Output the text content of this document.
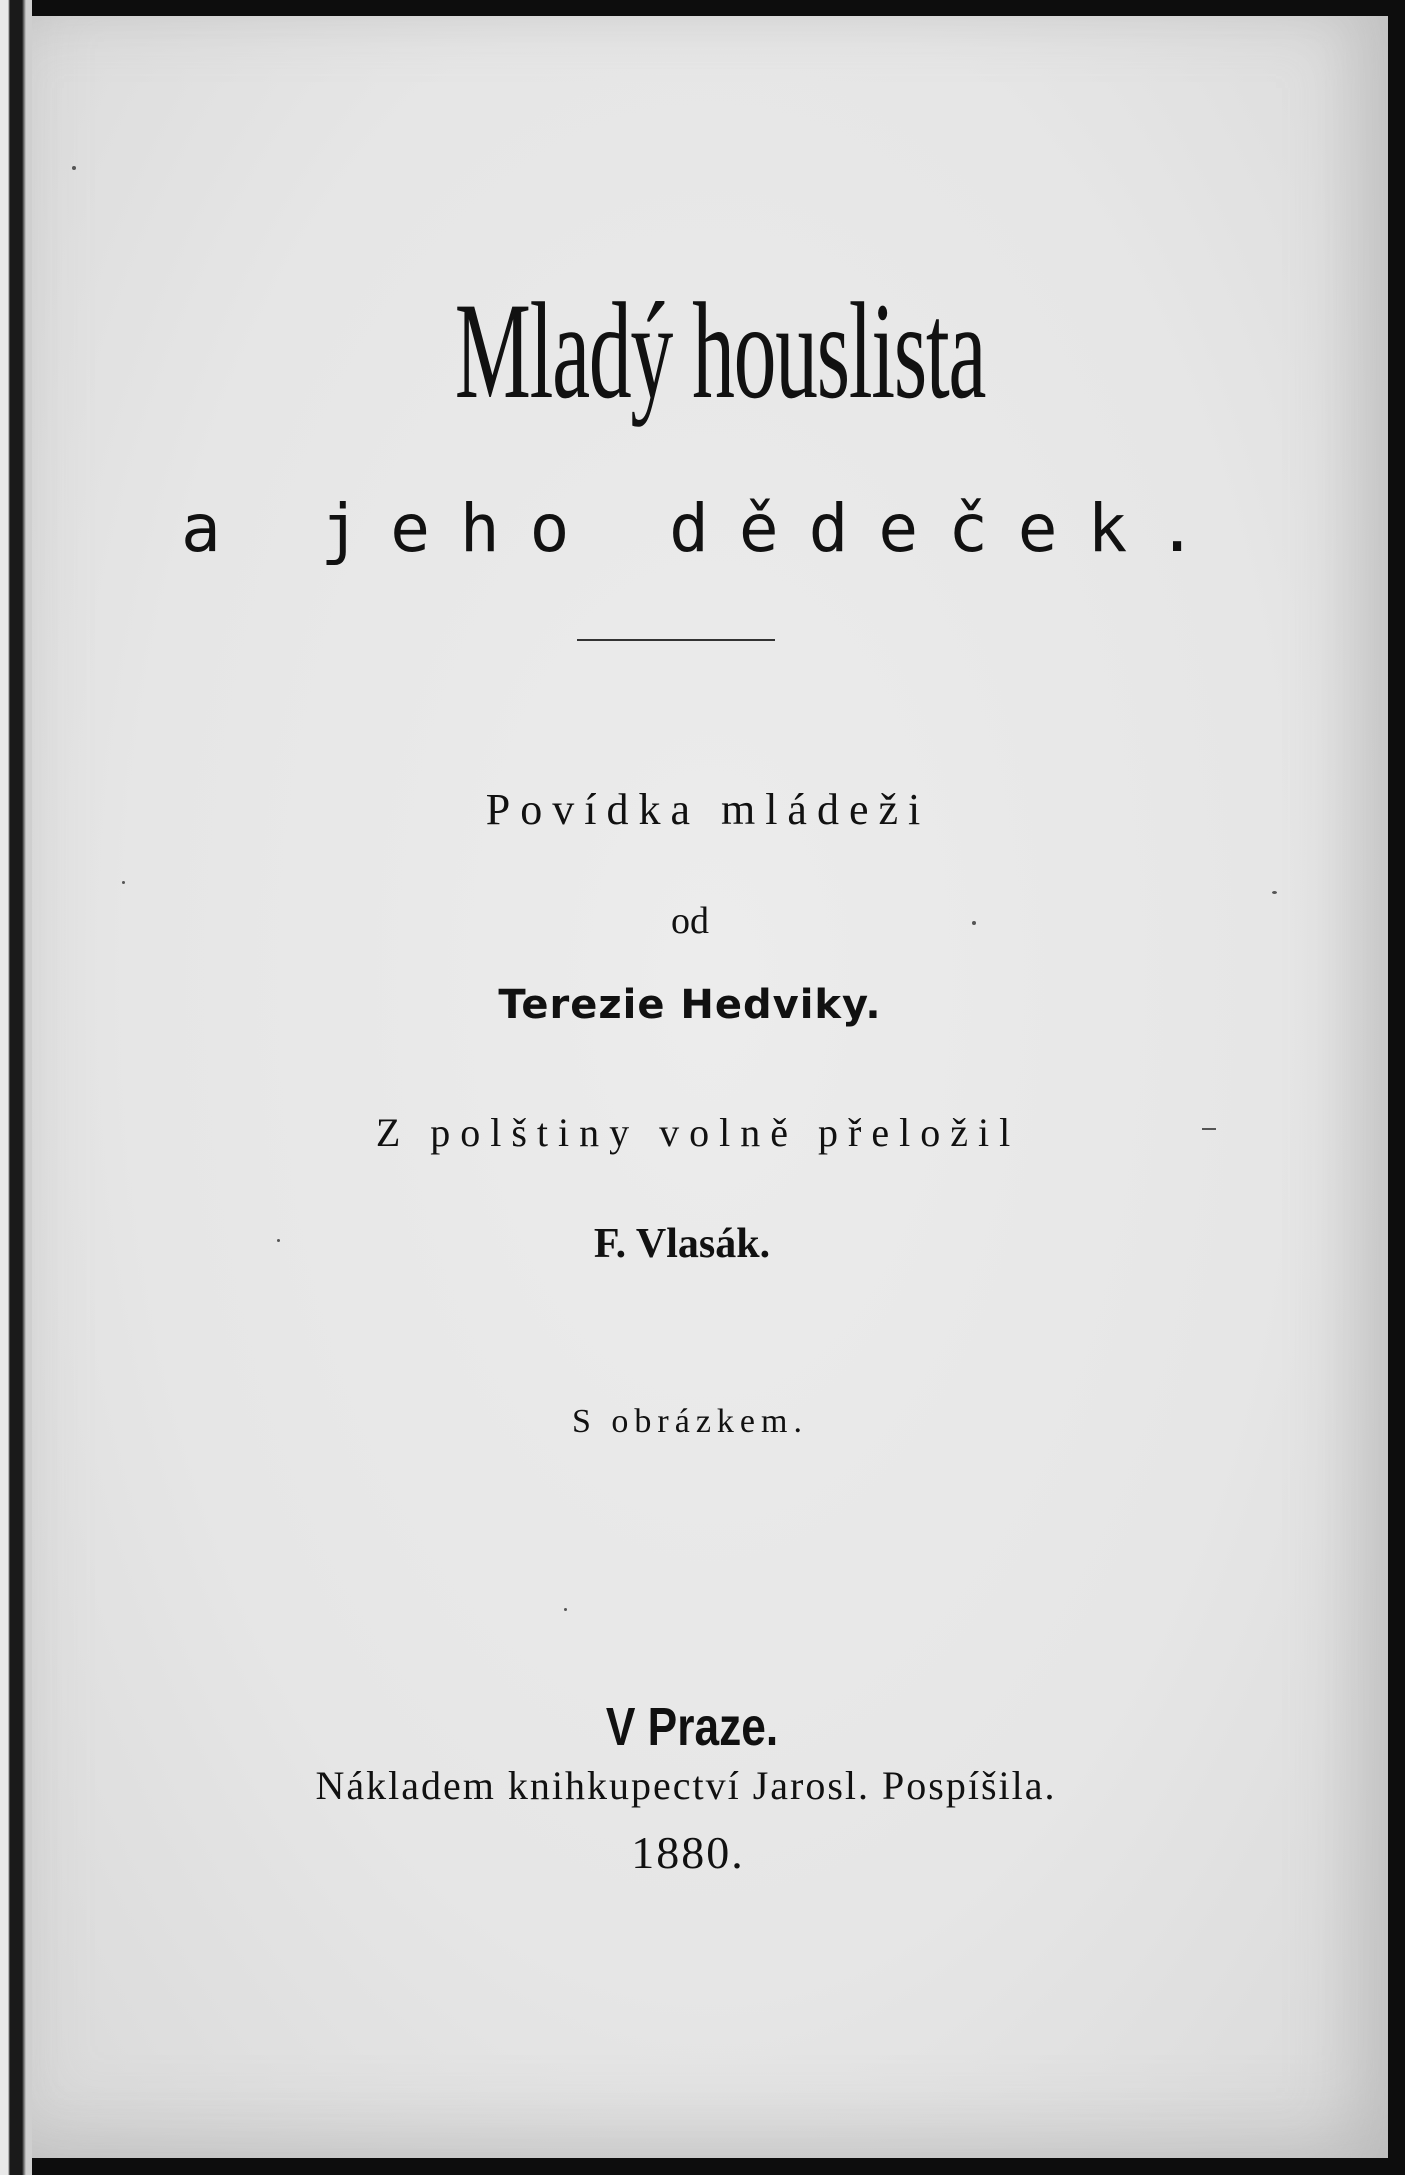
Mladý houslista
a jeho dědeček.
Povídka mládeži
od
Terezie Hedviky.
Z polštiny volně přeložil
F. Vlasák.
S obrázkem.
V Praze.
Nákladem knihkupectví Jarosl. Pospíšila.
1880.
